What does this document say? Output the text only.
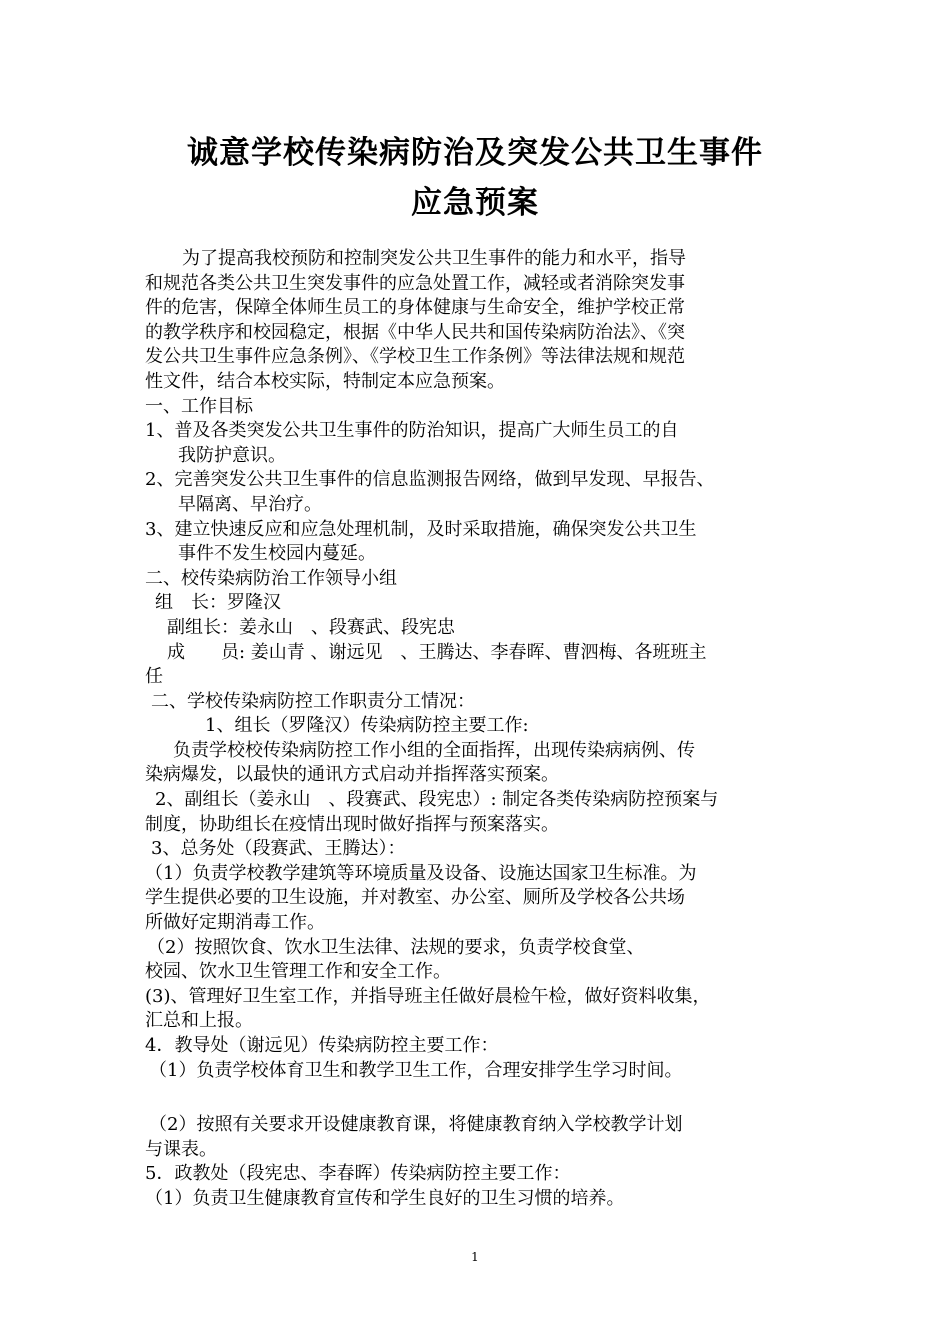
诚意学校传染病防治及突发公共卫生事件
应急预案
为了提高我校预防和控制突发公共卫生事件的能力和水平，指导
和规范各类公共卫生突发事件的应急处置工作，减轻或者消除突发事
件的危害，保障全体师生员工的身体健康与生命安全，维护学校正常
的教学秩序和校园稳定，根据《中华人民共和国传染病防治法》、《突
发公共卫生事件应急条例》、《学校卫生工作条例》等法律法规和规范
性文件，结合本校实际，特制定本应急预案。
一、工作目标
1、普及各类突发公共卫生事件的防治知识，提高广大师生员工的自
我防护意识。
2、完善突发公共卫生事件的信息监测报告网络，做到早发现、早报告、
早隔离、早治疗。
3、建立快速反应和应急处理机制，及时采取措施，确保突发公共卫生
事件不发生校园内蔓延。
二、校传染病防治工作领导小组
组　长：罗隆汉
副组长：姜永山　、段赛武、段宪忠
成　　员: 姜山青 、谢远见　、王腾达、李春晖、曹泗梅、各班班主
任
二、学校传染病防控工作职责分工情况：
1、组长（罗隆汉）传染病防控主要工作:
负责学校校传染病防控工作小组的全面指挥，出现传染病病例、传
染病爆发，以最快的通讯方式启动并指挥落实预案。
2、副组长（姜永山　、段赛武、段宪忠）: 制定各类传染病防控预案与
制度，协助组长在疫情出现时做好指挥与预案落实。
3、总务处（段赛武、王腾达）：
（1）负责学校教学建筑等环境质量及设备、设施达国家卫生标准。为
学生提供必要的卫生设施，并对教室、办公室、厕所及学校各公共场
所做好定期消毒工作。
（2）按照饮食、饮水卫生法律、法规的要求，负责学校食堂、
校园、饮水卫生管理工作和安全工作。
(3)、管理好卫生室工作，并指导班主任做好晨检午检，做好资料收集，
汇总和上报。
4．教导处（谢远见）传染病防控主要工作：
（1）负责学校体育卫生和教学卫生工作，合理安排学生学习时间。
（2）按照有关要求开设健康教育课，将健康教育纳入学校教学计划
与课表。
5．政教处（段宪忠、李春晖）传染病防控主要工作：
（1）负责卫生健康教育宣传和学生良好的卫生习惯的培养。
1
